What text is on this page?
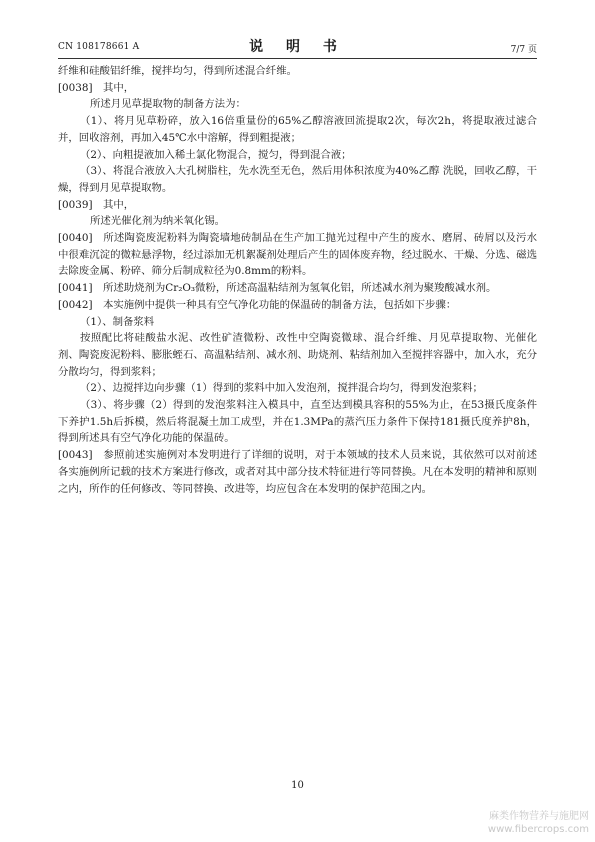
CN 108178661 A	说 明 书	7/7 页

纤维和硅酸铝纤维，搅拌均匀，得到所述混合纤维。

[0038]　其中，

所述月见草提取物的制备方法为：

（1）、将月见草粉碎，放入16倍重量份的65%乙醇溶液回流提取2次，每次2h，将提取液过滤合并，回收溶剂，再加入45℃水中溶解，得到粗提液；

（2）、向粗提液加入稀土氯化物混合，搅匀，得到混合液；

（3）、将混合液放入大孔树脂柱，先水洗至无色，然后用体积浓度为40%乙醇 洗脱，回收乙醇，干燥，得到月见草提取物。

[0039]　其中，

所述光催化剂为纳米氧化锡。

[0040]　所述陶瓷废泥粉料为陶瓷墙地砖制品在生产加工抛光过程中产生的废水、磨屑、砖屑以及污水中很难沉淀的微粒悬浮物，经过添加无机絮凝剂处理后产生的固体废弃物，经过脱水、干燥、分选、磁选去除废金属、粉碎、筛分后制成粒径为0.8mm的粉料。

[0041]　所述助烧剂为Cr₂O₃微粉，所述高温粘结剂为氢氧化铝，所述减水剂为聚羧酸减水剂。

[0042]　本实施例中提供一种具有空气净化功能的保温砖的制备方法，包括如下步骤：

（1）、制备浆料

按照配比将硅酸盐水泥、改性矿渣微粉、改性中空陶瓷微球、混合纤维、月见草提取物、光催化剂、陶瓷废泥粉料、膨胀蛭石、高温粘结剂、减水剂、助烧剂、粘结剂加入至搅拌容器中，加入水，充分分散均匀，得到浆料；

（2）、边搅拌边向步骤（1）得到的浆料中加入发泡剂，搅拌混合均匀，得到发泡浆料；

（3）、将步骤（2）得到的发泡浆料注入模具中，直至达到模具容积的55%为止，在53摄氏度条件下养护1.5h后拆模，然后将混凝土加工成型，并在1.3MPa的蒸汽压力条件下保持181摄氏度养护8h，得到所述具有空气净化功能的保温砖。

[0043]　参照前述实施例对本发明进行了详细的说明，对于本领域的技术人员来说，其依然可以对前述各实施例所记载的技术方案进行修改，或者对其中部分技术特征进行等同替换。凡在本发明的精神和原则之内，所作的任何修改、等同替换、改进等，均应包含在本发明的保护范围之内。

10
麻类作物营养与施肥网
www.fibercrops.com
